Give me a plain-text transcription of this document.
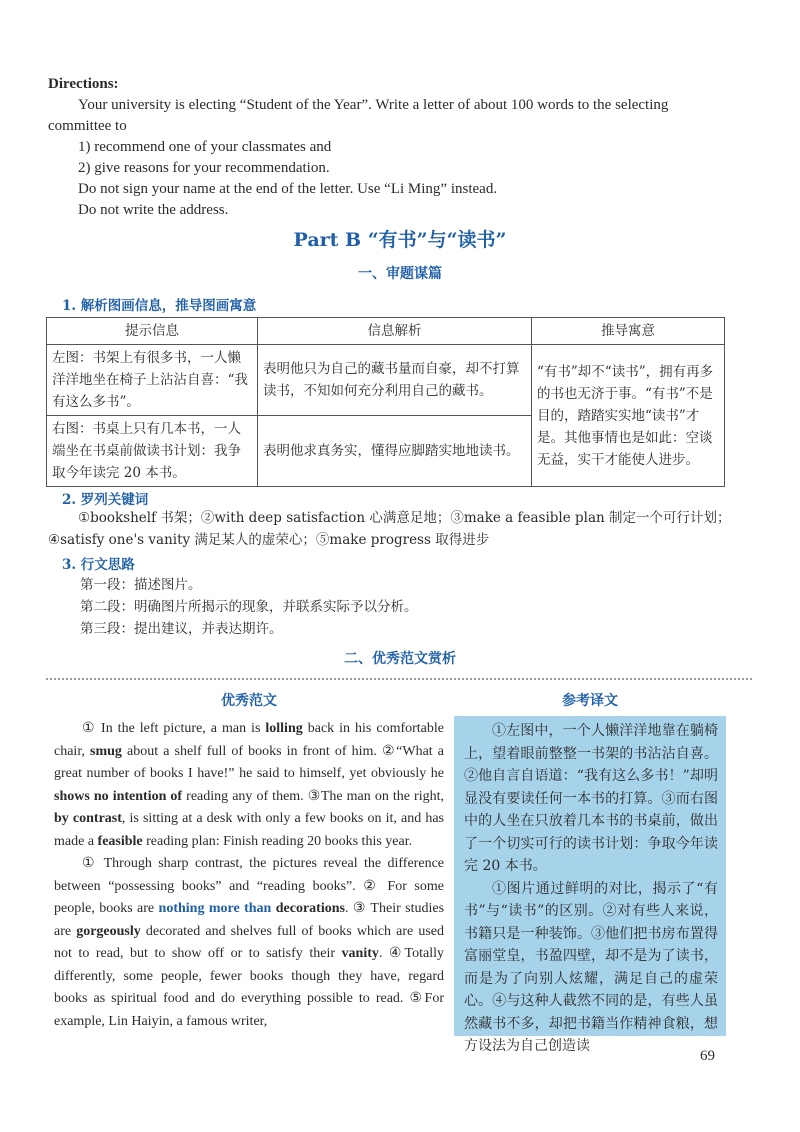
Directions:

Your university is electing “Student of the Year”. Write a letter of about 100 words to the selecting

committee to

1) recommend one of your classmates and

2) give reasons for your recommendation.

Do not sign your name at the end of the letter. Use “Li Ming” instead.

Do not write the address.

Part B “有书”与“读书”
一、审题谋篇
1. 解析图画信息，推导图画寓意
提示信息	信息解析	推导寓意
左图：书架上有很多书，一人懒洋洋地坐在椅子上沾沾自喜：“我有这么多书”。	表明他只为自己的藏书量而自豪，却不打算读书，不知如何充分利用自己的藏书。	“有书”却不“读书”，拥有再多的书也无济于事。“有书”不是目的，踏踏实实地“读书”才是。其他事情也是如此：空谈无益，实干才能使人进步。
右图：书桌上只有几本书，一人端坐在书桌前做读书计划：我争取今年读完 20 本书。	表明他求真务实，懂得应脚踏实地地读书。	
2. 罗列关键词

①bookshelf 书架；②with deep satisfaction 心满意足地；③make a feasible plan 制定一个可行计划；

④satisfy one's vanity 满足某人的虚荣心；⑤make progress 取得进步

3. 行文思路

第一段：描述图片。

第二段：明确图片所揭示的现象，并联系实际予以分析。

第三段：提出建议，并表达期许。

二、优秀范文赏析
优秀范文	参考译文

① In the left picture, a man is lolling back in his comfortable chair, smug about a shelf full of books in front of him. ②“What a great number of books I have!” he said to himself, yet obviously he shows no intention of reading any of them. ③The man on the right, by contrast, is sitting at a desk with only a few books on it, and has made a feasible reading plan: Finish reading 20 books this year.

① Through sharp contrast, the pictures reveal the difference between “possessing books” and “reading books”. ② For some people, books are nothing more than decorations. ③ Their studies are gorgeously decorated and shelves full of books which are used not to read, but to show off or to satisfy their vanity. ④Totally differently, some people, fewer books though they have, regard books as spiritual food and do everything possible to read. ⑤For example, Lin Haiyin, a famous writer,

①左图中，一个人懒洋洋地靠在躺椅上，望着眼前整整一书架的书沾沾自喜。②他自言自语道：“我有这么多书！”却明显没有要读任何一本书的打算。③而右图中的人坐在只放着几本书的书桌前，做出了一个切实可行的读书计划：争取今年读完 20 本书。

①图片通过鲜明的对比，揭示了“有书”与“读书”的区别。②对有些人来说，书籍只是一种装饰。③他们把书房布置得富丽堂皇，书盈四壁，却不是为了读书，而是为了向别人炫耀，满足自己的虚荣心。④与这种人截然不同的是，有些人虽然藏书不多，却把书籍当作精神食粮，想方设法为自己创造读

69
